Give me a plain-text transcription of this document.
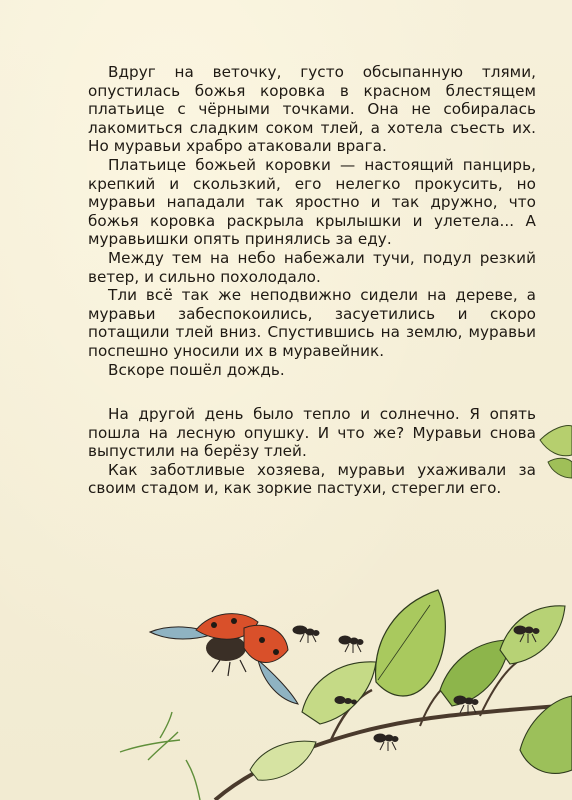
Вдруг на веточку, густо обсыпанную тлями, опустилась божья коровка в красном блестящем платьице с чёрными точками. Она не собиралась лакомиться сладким соком тлей, а хотела съесть их. Но муравьи храбро атаковали врага.

Платьице божьей коровки — настоящий панцирь, крепкий и скользкий, его нелегко прокусить, но муравьи нападали так яростно и так дружно, что божья коровка раскрыла крылышки и улетела... А муравьишки опять принялись за еду.

Между тем на небо набежали тучи, подул резкий ветер, и сильно похолодало.

Тли всё так же неподвижно сидели на дереве, а муравьи забеспокоились, засуетились и скоро потащили тлей вниз. Спустившись на землю, муравьи поспешно уносили их в муравейник.

Вскоре пошёл дождь.

На другой день было тепло и солнечно. Я опять пошла на лесную опушку. И что же? Муравьи снова выпустили на берёзу тлей.

Как заботливые хозяева, муравьи ухаживали за своим стадом и, как зоркие пастухи, стерегли его.
